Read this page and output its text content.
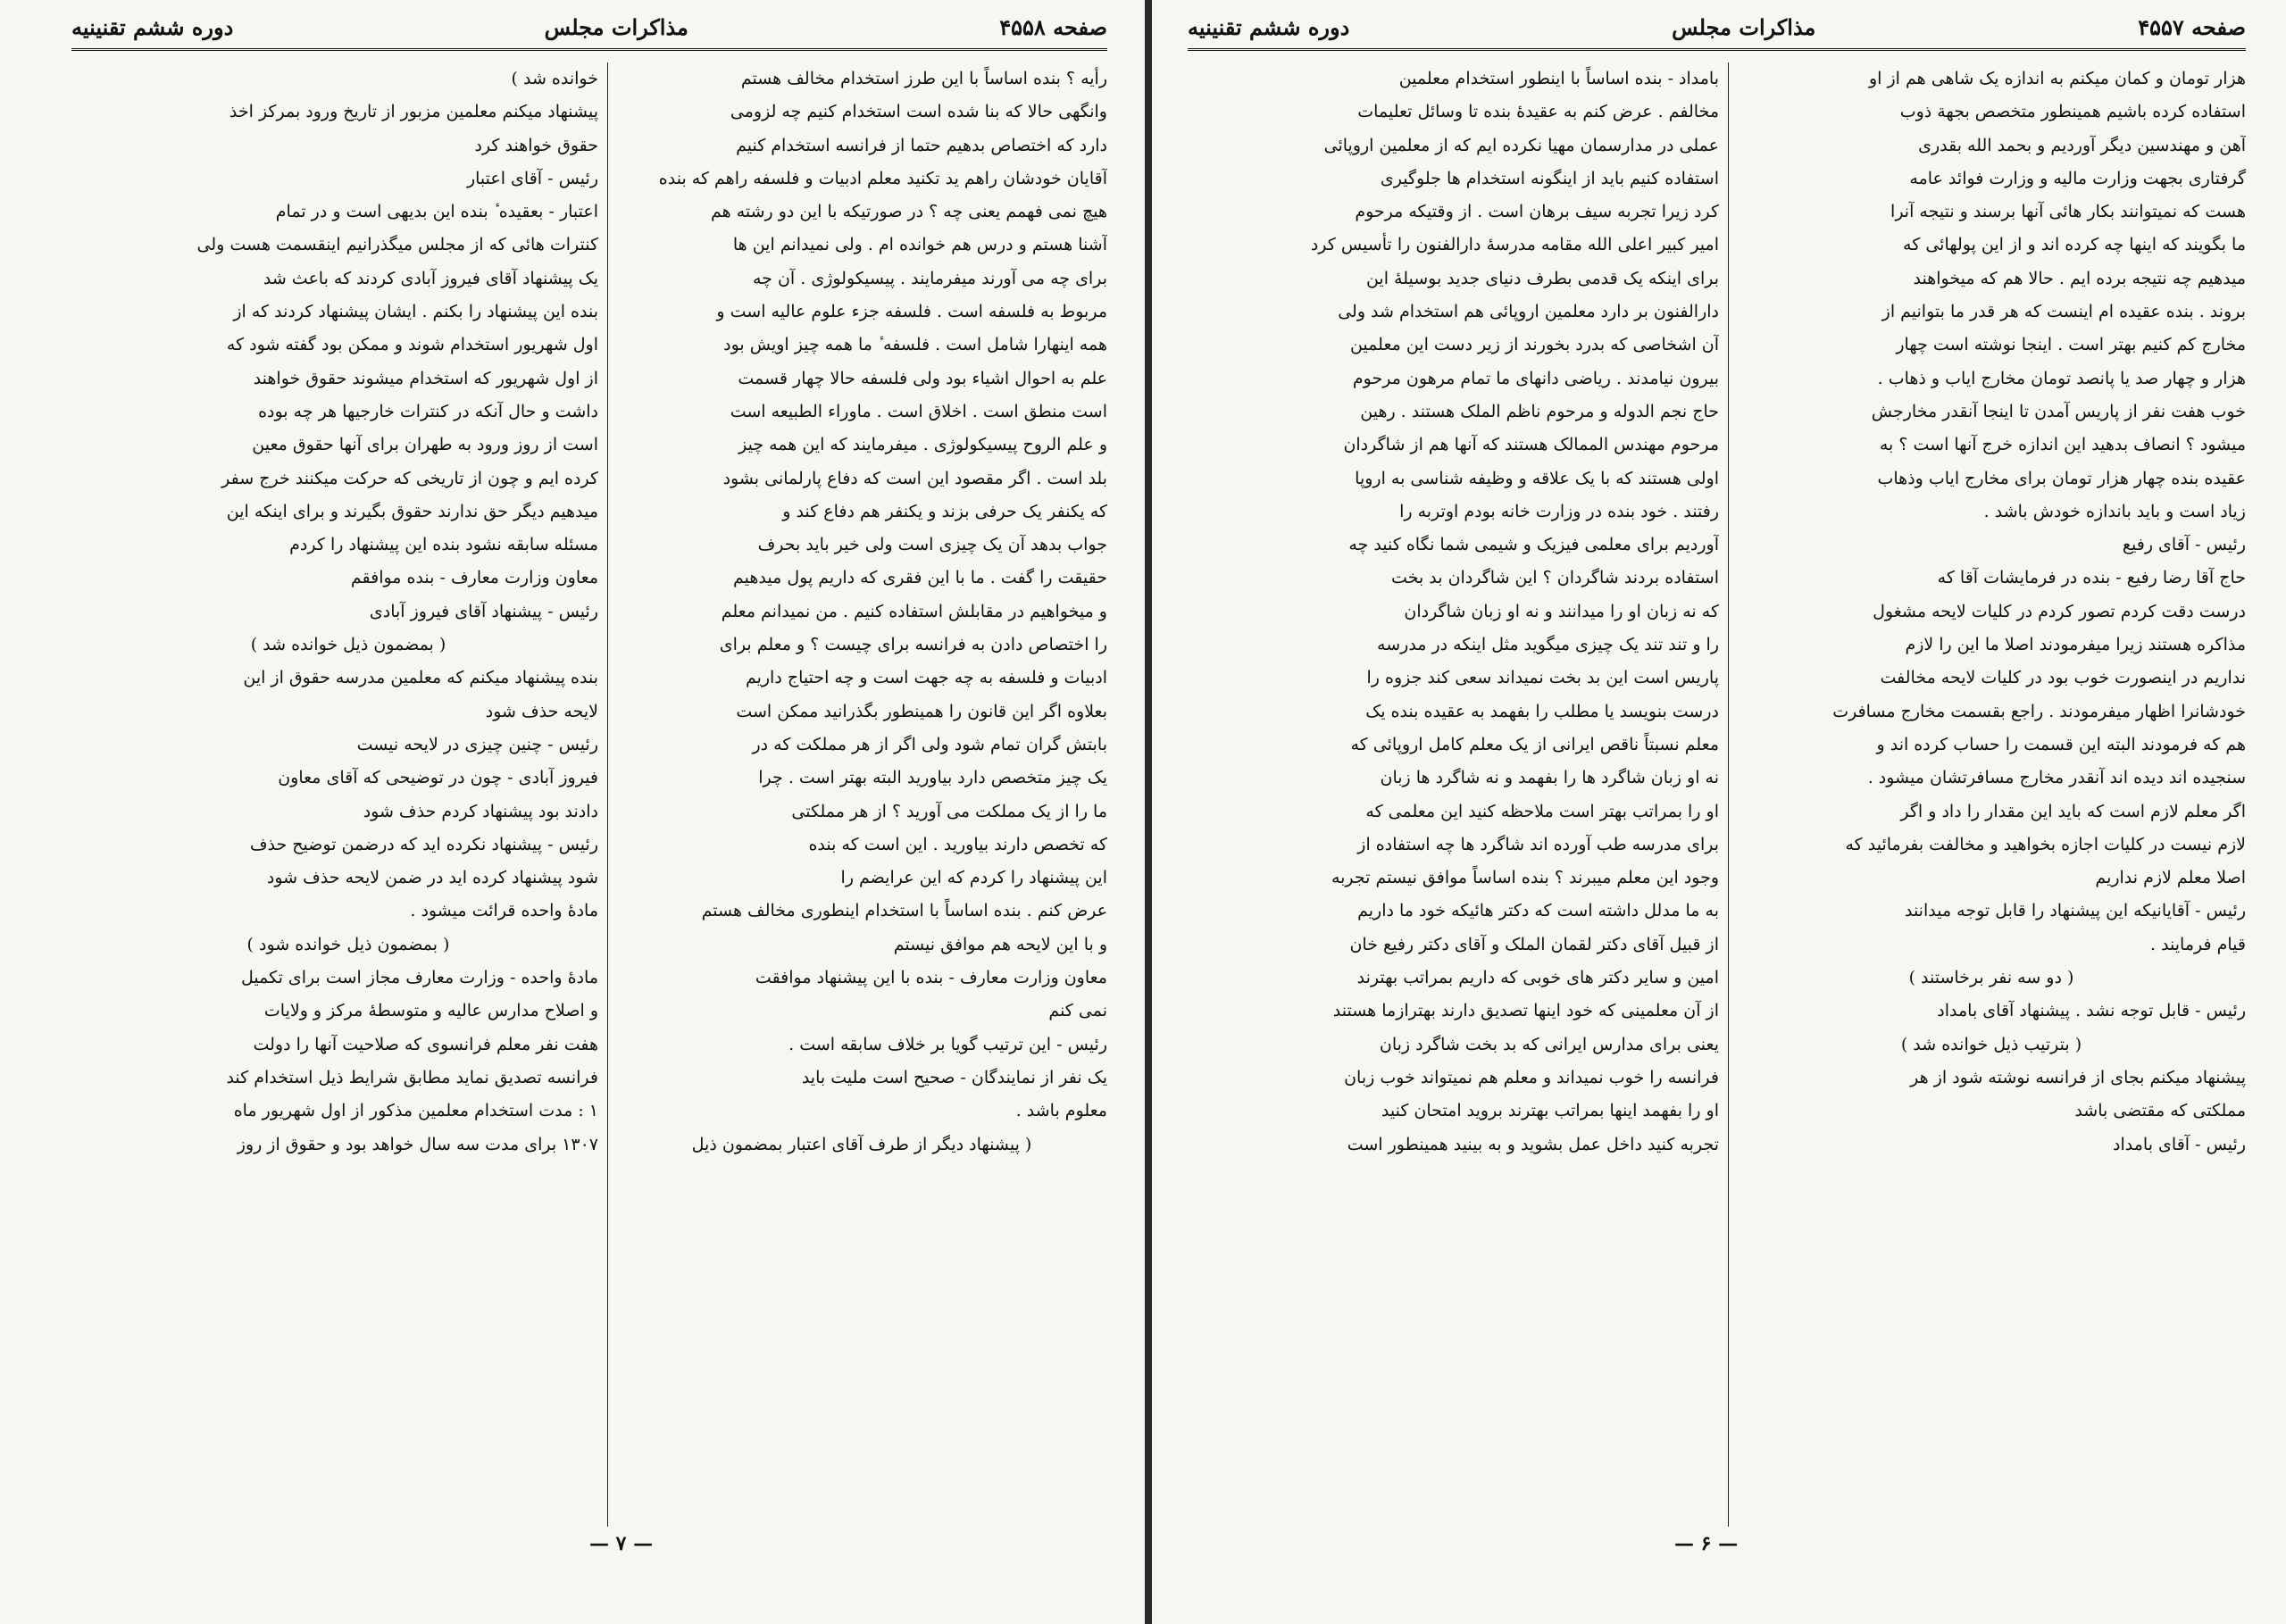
صفحه ۴۵۵۸
مذاکرات مجلس
دوره ششم تقنینیه

رأیه ؟ بنده اساساً با این طرز استخدام مخالف هستم

وانگهی حالا که بنا شده است استخدام کنیم چه لزومی

دارد که اختصاص بدهیم حتما از فرانسه استخدام کنیم

آقایان خودشان راهم ید تکنید معلم ادبیات و فلسفه راهم که بنده

هیچ نمی فهمم یعنی چه ؟ در صورتیکه با این دو رشته هم

آشنا هستم و درس هم خوانده ام . ولی نمیدانم این ها

برای چه می آورند میفرمایند . پیسیکولوژی . آن چه

مربوط به فلسفه است . فلسفه جزء علوم عالیه است و

همه اینهارا شامل است . فلسفه ٔ ما همه چیز اویش بود

علم به احوال اشیاء بود ولی فلسفه حالا چهار قسمت

است منطق است . اخلاق است . ماوراء الطبیعه است

و علم الروح پیسیکولوژی . میفرمایند که این همه چیز

بلد است . اگر مقصود این است که دفاع پارلمانی بشود

که یکنفر یک حرفی بزند و یکنفر هم دفاع کند و

جواب بدهد آن یک چیزی است ولی خیر باید بحرف

حقیقت را گفت . ما با این فقری که داریم پول میدهیم

و میخواهیم در مقابلش استفاده کنیم . من نمیدانم معلم

را اختصاص دادن به فرانسه برای چیست ؟ و معلم برای

ادبیات و فلسفه به چه جهت است و چه احتیاج داریم

بعلاوه اگر این قانون را همینطور بگذرانید ممکن است

بابتش گران تمام شود ولی اگر از هر مملکت که در

یک چیز متخصص دارد بیاورید البته بهتر است . چرا

ما را از یک مملکت می آورید ؟ از هر مملکتی

که تخصص دارند بیاورید . این است که بنده

این پیشنهاد را کردم که این عرایضم را

عرض کنم . بنده اساساً با استخدام اینطوری مخالف هستم

و با این لایحه هم موافق نیستم

معاون وزارت معارف - بنده با این پیشنهاد موافقت

نمی کنم

رئیس - این ترتیب گویا بر خلاف سابقه است .

یک نفر از نمایندگان - صحیح است ملیت باید

معلوم باشد .

( پیشنهاد دیگر از طرف آقای اعتبار بمضمون ذیل

خوانده شد )

پیشنهاد میکنم معلمین مزبور از تاریخ ورود بمرکز اخذ

حقوق خواهند کرد

رئیس - آقای اعتبار

اعتبار - بعقیده ٔ بنده این بدیهی است و در تمام

کنترات هائی که از مجلس میگذرانیم اینقسمت هست ولی

یک پیشنهاد آقای فیروز آبادی کردند که باعث شد

بنده این پیشنهاد را بکنم . ایشان پیشنهاد کردند که از

اول شهریور استخدام شوند و ممکن بود گفته شود که

از اول شهریور که استخدام میشوند حقوق خواهند

داشت و حال آنکه در کنترات خارجیها هر چه بوده

است از روز ورود به طهران برای آنها حقوق معین

کرده ایم و چون از تاریخی که حرکت میکنند خرج سفر

میدهیم دیگر حق ندارند حقوق بگیرند و برای اینکه این

مسئله سابقه نشود بنده این پیشنهاد را کردم

معاون وزارت معارف - بنده موافقم

رئیس - پیشنهاد آقای فیروز آبادی

( بمضمون ذیل خوانده شد )

بنده پیشنهاد میکنم که معلمین مدرسه حقوق از این

لایحه حذف شود

رئیس - چنین چیزی در لایحه نیست

فیروز آبادی - چون در توضیحی که آقای معاون

دادند بود پیشنهاد کردم حذف شود

رئیس - پیشنهاد نکرده اید که درضمن توضیح حذف

شود پیشنهاد کرده اید در ضمن لایحه حذف شود

مادهٔ واحده قرائت میشود .

( بمضمون ذیل خوانده شود )

مادهٔ واحده - وزارت معارف مجاز است برای تکمیل

و اصلاح مدارس عالیه و متوسطهٔ مرکز و ولایات

هفت نفر معلم فرانسوی که صلاحیت آنها را دولت

فرانسه تصدیق نماید مطابق شرایط ذیل استخدام کند

۱ : مدت استخدام معلمین مذکور از اول شهریور ماه

۱۳۰۷ برای مدت سه سال خواهد بود و حقوق از روز

— ۷ —
صفحه ۴۵۵۷
مذاکرات مجلس
دوره ششم تقنینیه

هزار تومان و کمان میکنم به اندازه یک شاهی هم از او

استفاده کرده باشیم همینطور متخصص بجهة ذوب

آهن و مهندسین دیگر آوردیم و بحمد الله بقدری

گرفتاری بجهت وزارت مالیه و وزارت فوائد عامه

هست که نمیتوانند بکار هائی آنها برسند و نتیجه آنرا

ما بگویند که اینها چه کرده اند و از این پولهائی که

میدهیم چه نتیجه برده ایم . حالا هم که میخواهند

بروند . بنده عقیده ام اینست که هر قدر ما بتوانیم از

مخارج کم کنیم بهتر است . اینجا نوشته است چهار

هزار و چهار صد یا پانصد تومان مخارج ایاب و ذهاب .

خوب هفت نفر از پاریس آمدن تا اینجا آنقدر مخارجش

میشود ؟ انصاف بدهید این اندازه خرج آنها است ؟ به

عقیده بنده چهار هزار تومان برای مخارج ایاب وذهاب

زیاد است و باید باندازه خودش باشد .

رئیس - آقای رفیع

حاج آقا رضا رفیع - بنده در فرمایشات آقا که

درست دقت کردم تصور کردم در کلیات لایحه مشغول

مذاکره هستند زیرا میفرمودند اصلا ما این را لازم

نداریم در اینصورت خوب بود در کلیات لایحه مخالفت

خودشانرا اظهار میفرمودند . راجع بقسمت مخارج مسافرت

هم که فرمودند البته این قسمت را حساب کرده اند و

سنجیده اند دیده اند آنقدر مخارج مسافرتشان میشود .

اگر معلم لازم است که باید این مقدار را داد و اگر

لازم نیست در کلیات اجازه بخواهید و مخالفت بفرمائید که

اصلا معلم لازم نداریم

رئیس - آقایانیکه این پیشنهاد را قابل توجه میدانند

قیام فرمایند .

( دو سه نفر برخاستند )

رئیس - قابل توجه نشد . پیشنهاد آقای بامداد

( بترتیب ذیل خوانده شد )

پیشنهاد میکنم بجای از فرانسه نوشته شود از هر

مملکتی که مقتضی باشد

رئیس - آقای بامداد

بامداد - بنده اساساً با اینطور استخدام معلمین

مخالفم . عرض کنم به عقیدهٔ بنده تا وسائل تعلیمات

عملی در مدارسمان مهیا نکرده ایم که از معلمین اروپائی

استفاده کنیم باید از اینگونه استخدام ها جلوگیری

کرد زیرا تجربه سیف برهان است . از وقتیکه مرحوم

امیر کبیر اعلی الله مقامه مدرسهٔ دارالفنون را تأسیس کرد

برای اینکه یک قدمی بطرف دنیای جدید بوسیلهٔ این

دارالفنون بر دارد معلمین اروپائی هم استخدام شد ولی

آن اشخاصی که بدرد بخورند از زیر دست این معلمین

بیرون نیامدند . ریاضی دانهای ما تمام مرهون مرحوم

حاج نجم الدوله و مرحوم ناظم الملک هستند . رهین

مرحوم مهندس الممالک هستند که آنها هم از شاگردان

اولی هستند که با یک علاقه و وظیفه شناسی به اروپا

رفتند . خود بنده در وزارت خانه بودم اوتربه را

آوردیم برای معلمی فیزیک و شیمی شما نگاه کنید چه

استفاده بردند شاگردان ؟ این شاگردان بد بخت

که نه زبان او را میدانند و نه او زبان شاگردان

را و تند تند یک چیزی میگوید مثل اینکه در مدرسه

پاریس است این بد بخت نمیداند سعی کند جزوه را

درست بنویسد یا مطلب را بفهمد به عقیده بنده یک

معلم نسبتاً ناقص ایرانی از یک معلم کامل اروپائی که

نه او زبان شاگرد ها را بفهمد و نه شاگرد ها زبان

او را بمراتب بهتر است ملاحظه کنید این معلمی که

برای مدرسه طب آورده اند شاگرد ها چه استفاده از

وجود این معلم میبرند ؟ بنده اساساً موافق نیستم تجربه

به ما مدلل داشته است که دکتر هائیکه خود ما داریم

از قبیل آقای دکتر لقمان الملک و آقای دکتر رفیع خان

امین و سایر دکتر های خوبی که داریم بمراتب بهترند

از آن معلمینی که خود اینها تصدیق دارند بهترازما هستند

یعنی برای مدارس ایرانی که بد بخت شاگرد زبان

فرانسه را خوب نمیداند و معلم هم نمیتواند خوب زبان

او را بفهمد اینها بمراتب بهترند بروید امتحان کنید

تجربه کنید داخل عمل بشوید و به بینید همینطور است

— ۶ —
